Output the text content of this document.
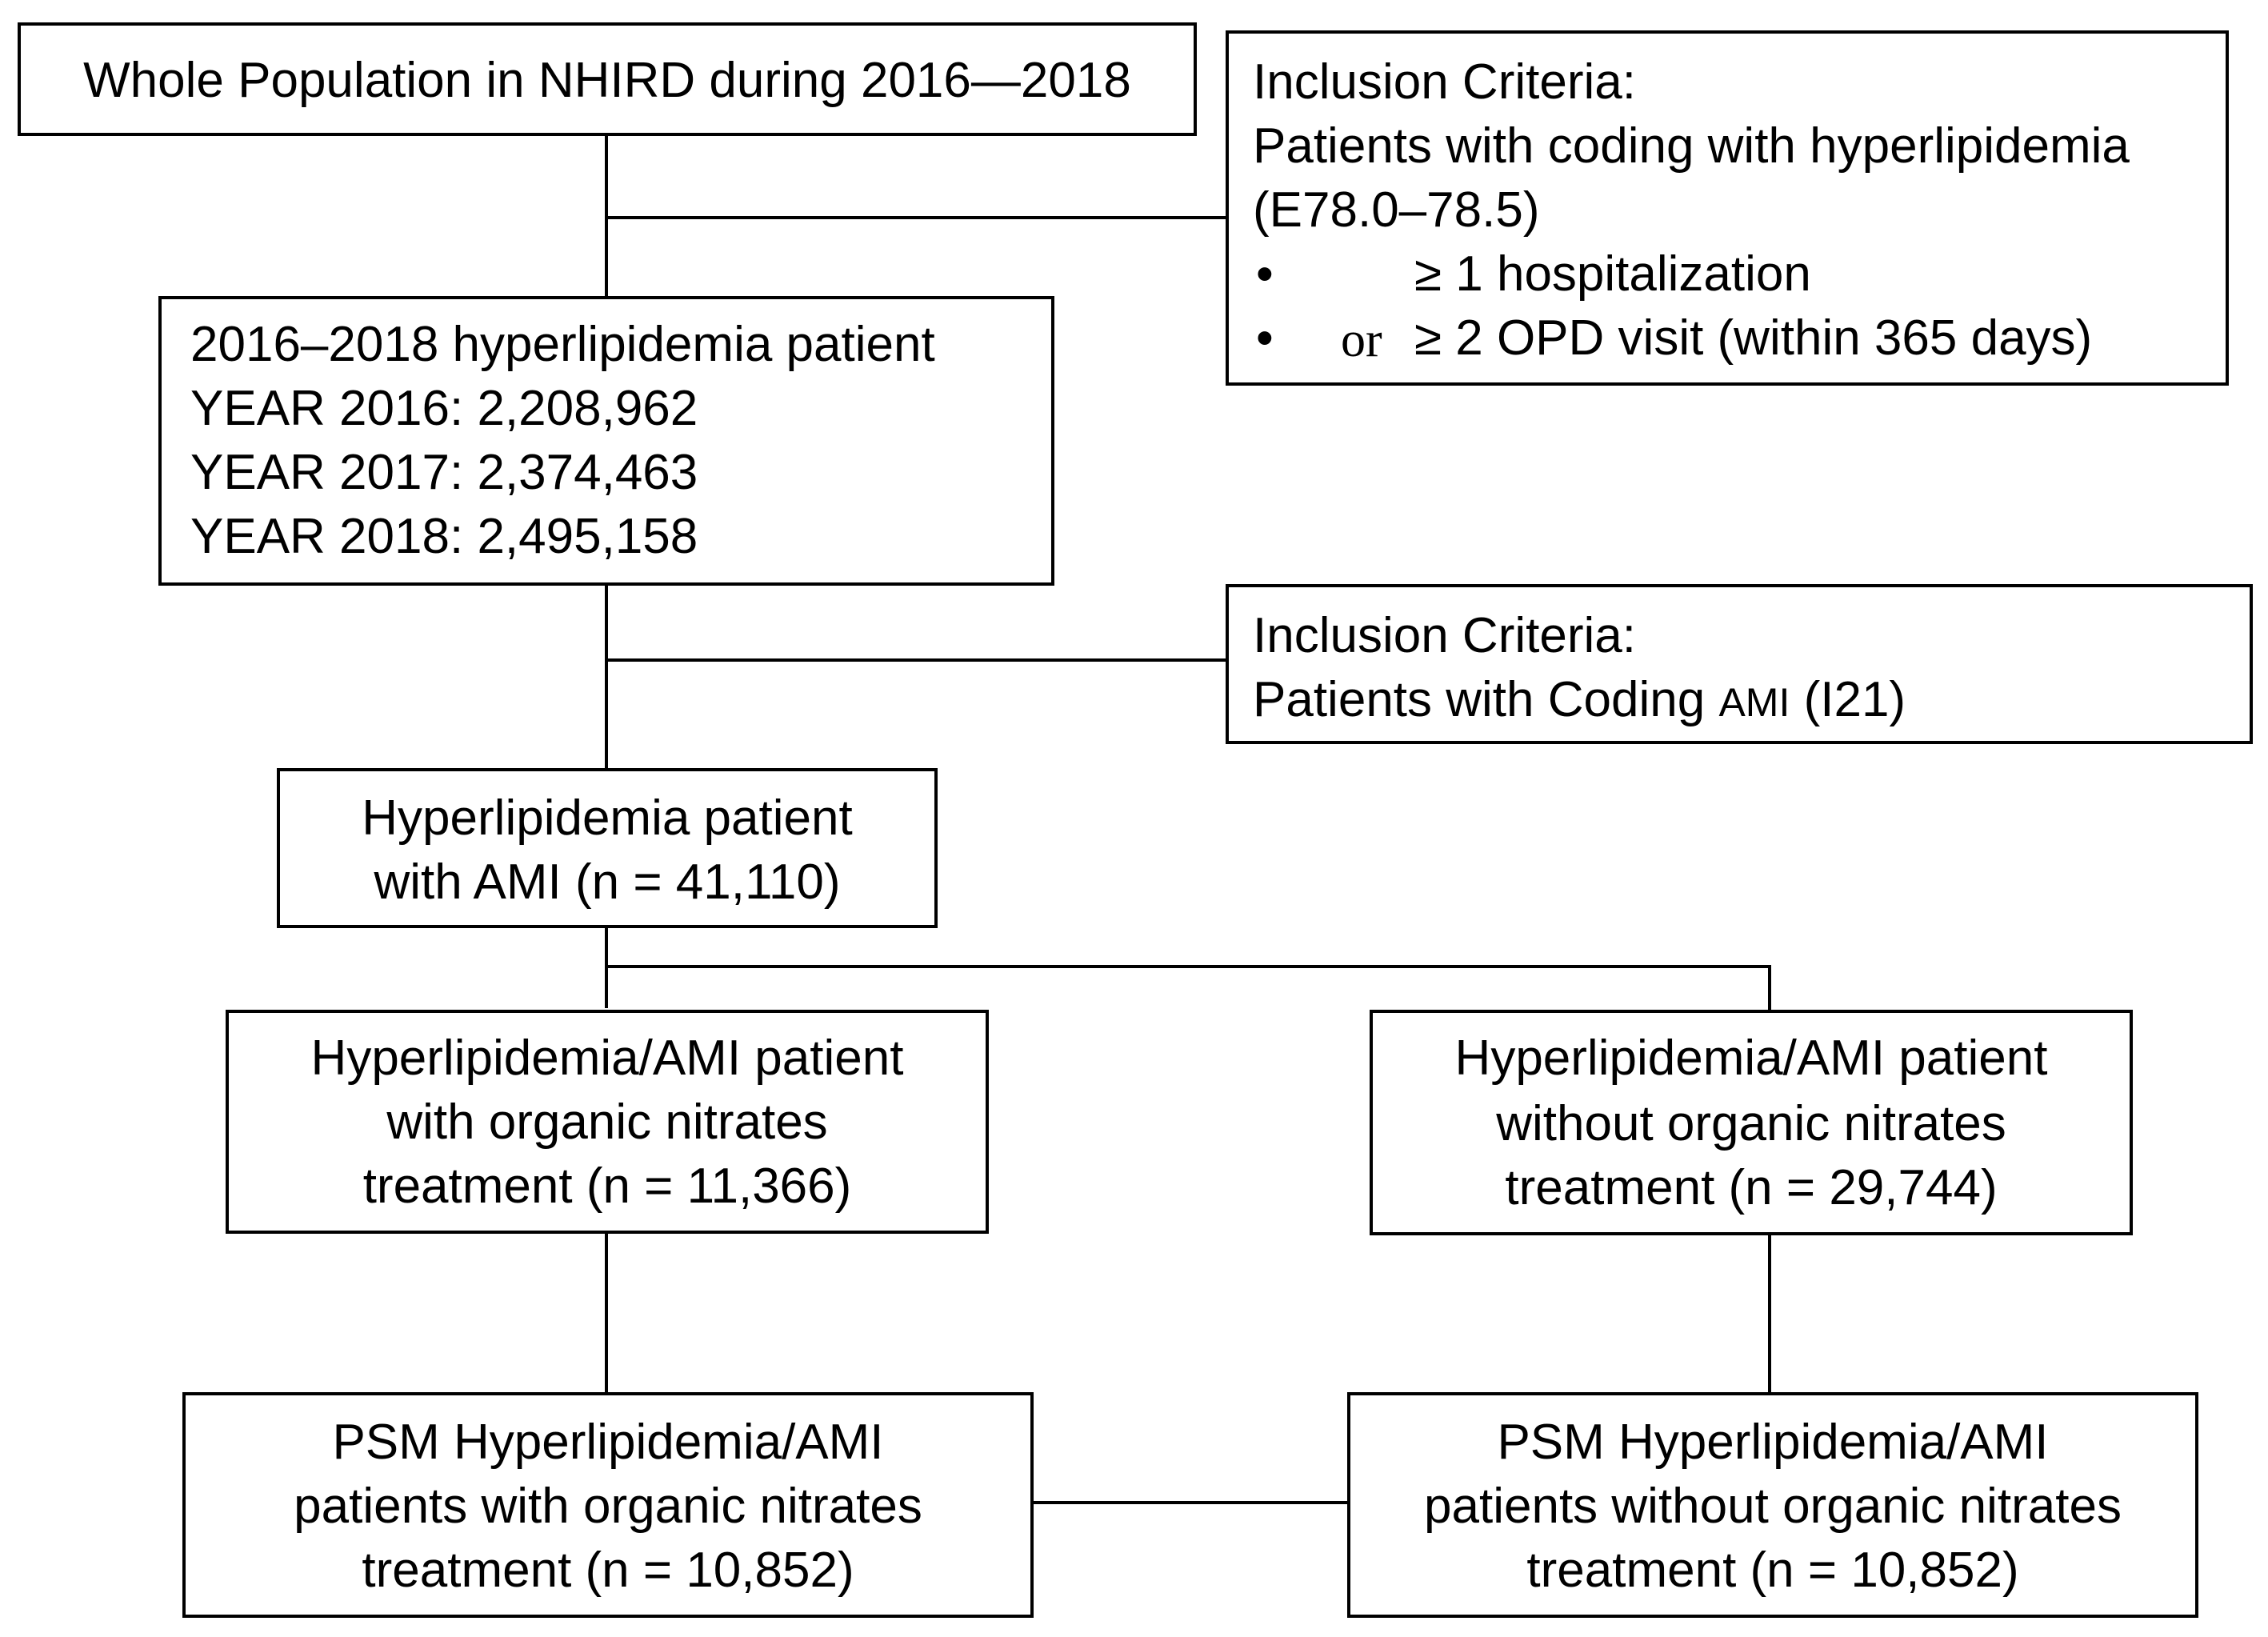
Whole Population in NHIRD during 2016—2018	Inclusion Criteria:
Patients with coding with hyperlipidemia
(E78.0–78.5)
•	≥ 1 hospitalization
• or ≥ 2 OPD visit (within 365 days)
2016–2018 hyperlipidemia patient
YEAR 2016: 2,208,962
YEAR 2017: 2,374,463
YEAR 2018: 2,495,158
Inclusion Criteria:
Patients with Coding AMI (I21)
Hyperlipidemia patient
with AMI (n = 41,110)
Hyperlipidemia/AMI patient
with organic nitrates
treatment (n = 11,366)
Hyperlipidemia/AMI patient
without organic nitrates
treatment (n = 29,744)
PSM Hyperlipidemia/AMI
patients with organic nitrates
treatment (n = 10,852)
PSM Hyperlipidemia/AMI
patients without organic nitrates
treatment (n = 10,852)
